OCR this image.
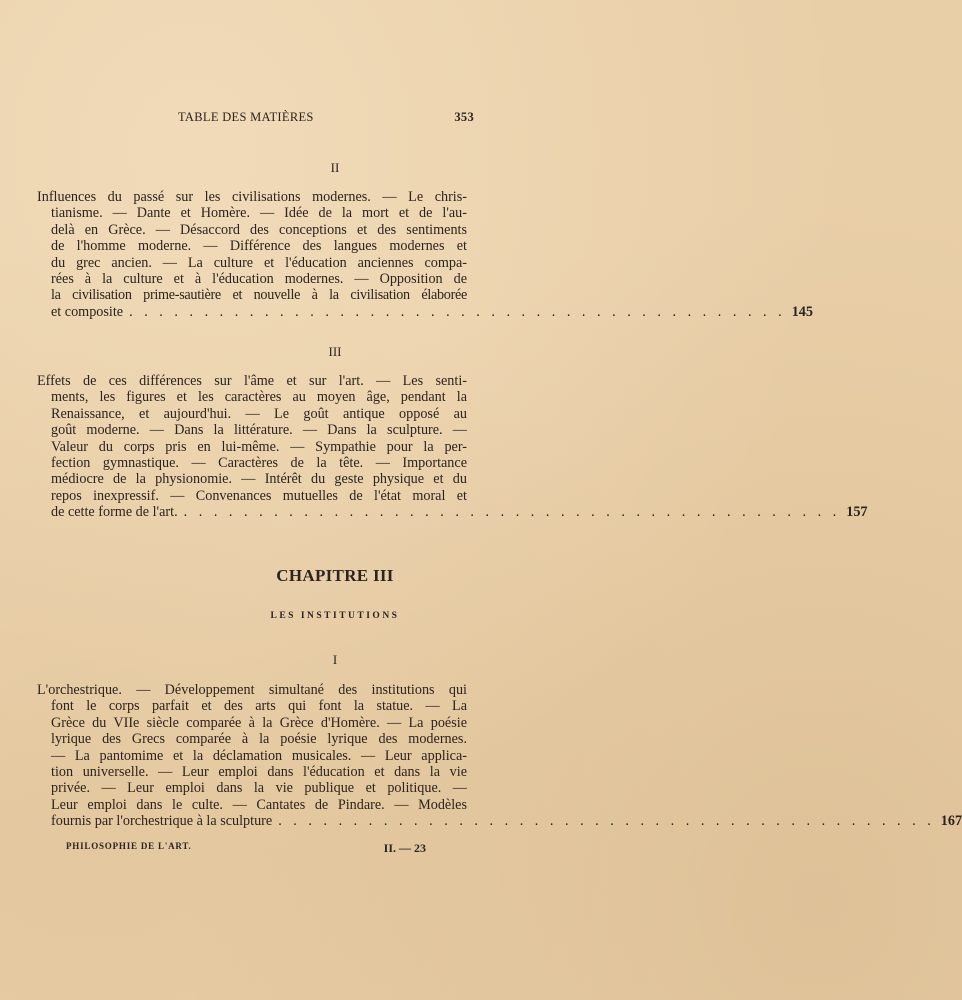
TABLE DES MATIÈRES	353
II
Influences du passé sur les civilisations modernes. — Le chris-
tianisme. — Dante et Homère. — Idée de la mort et de l'au-
delà en Grèce. — Désaccord des conceptions et des sentiments
de l'homme moderne. — Différence des langues modernes et
du grec ancien. — La culture et l'éducation anciennes compa-
rées à la culture et à l'éducation modernes. — Opposition de
la civilisation prime-sautière et nouvelle à la civilisation élaborée
et composite . . . . . . . . . . . . . . . . . . . . . . . . . . . . . . . . . . . . . . . . . . . . 145
III
Effets de ces différences sur l'âme et sur l'art. — Les senti-
ments, les figures et les caractères au moyen âge, pendant la
Renaissance, et aujourd'hui. — Le goût antique opposé au
goût moderne. — Dans la littérature. — Dans la sculpture. —
Valeur du corps pris en lui-même. — Sympathie pour la per-
fection gymnastique. — Caractères de la tête. — Importance
médiocre de la physionomie. — Intérêt du geste physique et du
repos inexpressif. — Convenances mutuelles de l'état moral et
de cette forme de l'art. . . . . . . . . . . . . . . . . . . . . . . . . . . . . . . . . . . . . . . . . . . . . 157
CHAPITRE III
LES INSTITUTIONS
I
L'orchestrique. — Développement simultané des institutions qui
font le corps parfait et des arts qui font la statue. — La
Grèce du VIIe siècle comparée à la Grèce d'Homère. — La poésie
lyrique des Grecs comparée à la poésie lyrique des modernes.
— La pantomime et la déclamation musicales. — Leur applica-
tion universelle. — Leur emploi dans l'éducation et dans la vie
privée. — Leur emploi dans la vie publique et politique. —
Leur emploi dans le culte. — Cantates de Pindare. — Modèles
fournis par l'orchestrique à la sculpture . . . . . . . . . . . . . . . . . . . . . . . . . . . . . . . . . . . . . . . . . . . . 167
PHILOSOPHIE DE L'ART.	II. — 23
